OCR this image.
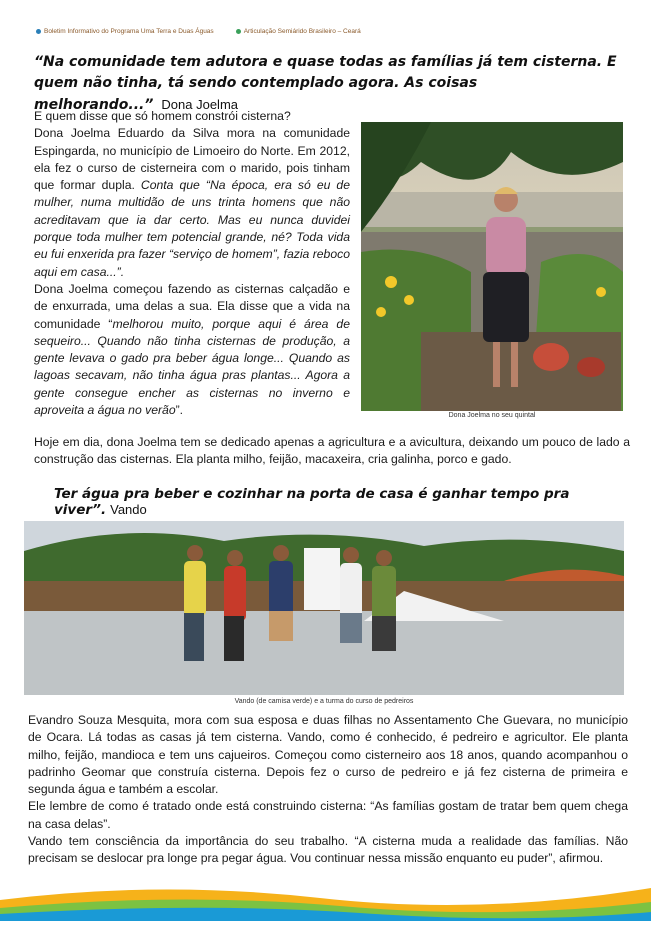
Boletim Informativo do Programa Uma Terra e Duas Águas	Articulação Semiárido Brasileiro – Ceará
“Na comunidade tem adutora e quase todas as famílias já tem cisterna. E quem não tinha, tá sendo contemplado agora. As coisas melhorando...” Dona Joelma
E quem disse que só homem constrói cisterna?
Dona Joelma Eduardo da Silva mora na comunidade Espingarda, no município de Limoeiro do Norte. Em 2012, ela fez o curso de cisterneira com o marido, pois tinham que formar dupla. Conta que “Na época, era só eu de mulher, numa multidão de uns trinta homens que não acreditavam que ia dar certo. Mas eu nunca duvidei porque toda mulher tem potencial grande, né? Toda vida eu fui enxerida pra fazer “serviço de homem”, fazia reboco aqui em casa...”.
Dona Joelma começou fazendo as cisternas calçadão e de enxurrada, uma delas a sua. Ela disse que a vida na comunidade “melhorou muito, porque aqui é área de sequeiro... Quando não tinha cisternas de produção, a gente levava o gado pra beber água longe... Quando as lagoas secavam, não tinha água pras plantas... Agora a gente consegue encher as cisternas no inverno e aproveita a água no verão”.	Dona Joelma no seu quintal
Hoje em dia, dona Joelma tem se dedicado apenas a agricultura e a avicultura, deixando um pouco de lado a construção das cisternas. Ela planta milho, feijão, macaxeira, cria galinha, porco e gado.
Ter água pra beber e cozinhar na porta de casa é ganhar tempo pra viver”. Vando
Vando (de camisa verde) e a turma do curso de pedreiros
Evandro Souza Mesquita, mora com sua esposa e duas filhas no Assentamento Che Guevara, no município de Ocara. Lá todas as casas já tem cisterna. Vando, como é conhecido, é pedreiro e agricultor. Ele planta milho, feijão, mandioca e tem uns cajueiros. Começou como cisterneiro aos 18 anos, quando acompanhou o padrinho Geomar que construía cisterna. Depois fez o curso de pedreiro e já fez cisterna de primeira e segunda água e também a escolar.
Ele lembre de como é tratado onde está construindo cisterna: “As famílias gostam de tratar bem quem chega na casa delas”.
Vando tem consciência da importância do seu trabalho. “A cisterna muda a realidade das famílias. Não precisam se deslocar pra longe pra pegar água. Vou continuar nessa missão enquanto eu puder”, afirmou.
